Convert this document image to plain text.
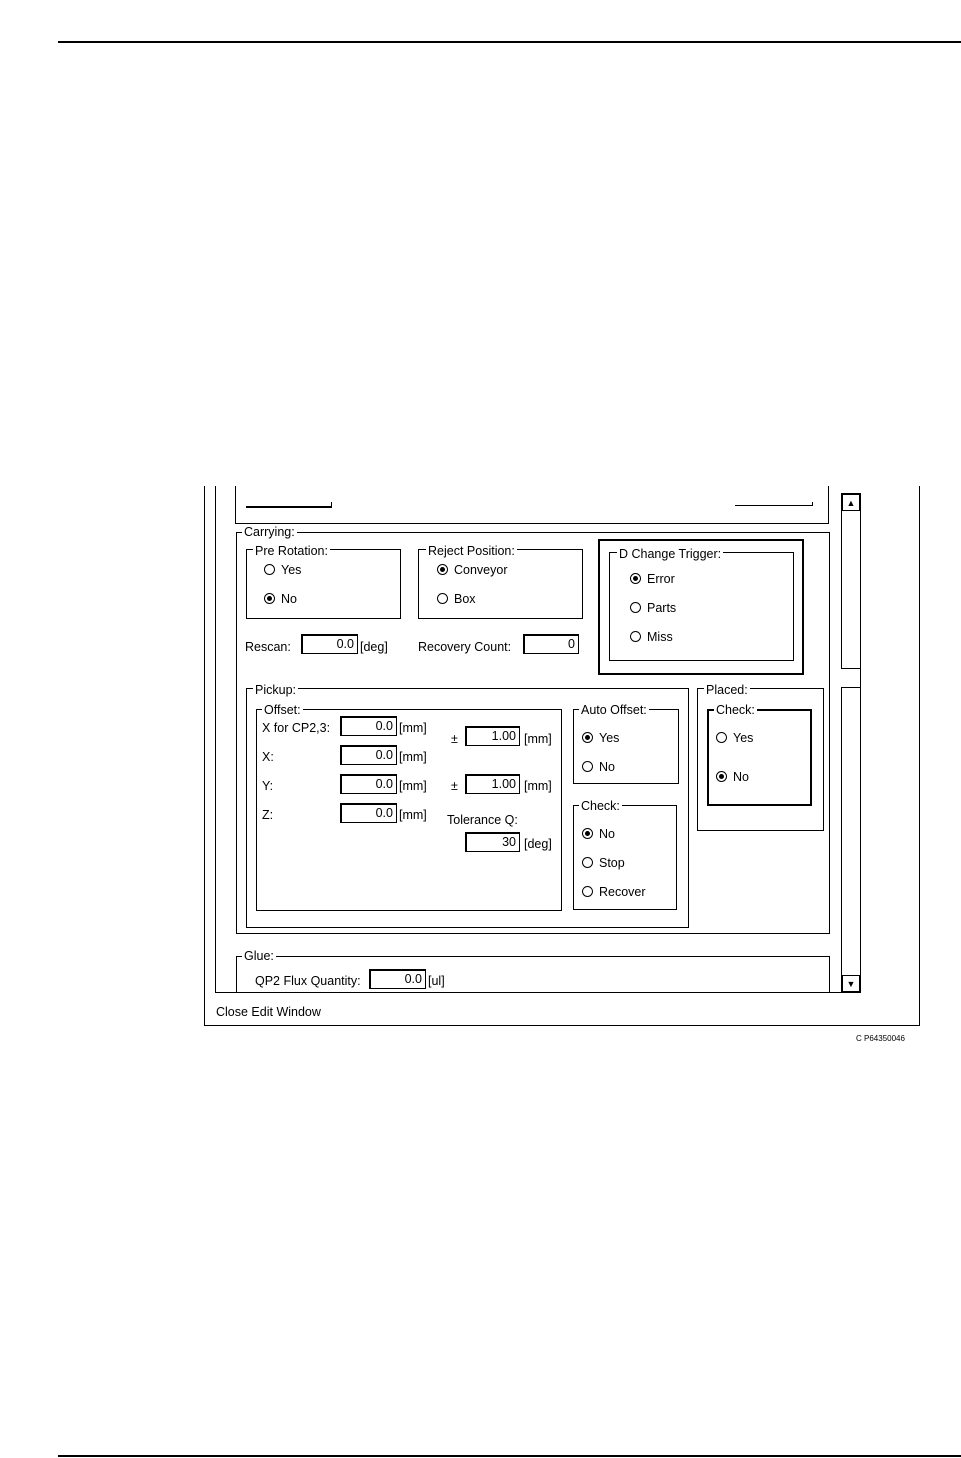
▲
▼
Carrying:
Pre Rotation:
Yes
No
Reject Position:
Conveyor
Box
D Change Trigger:
Error
Parts
Miss
Rescan:	0.0 [deg] Recovery Count:	0
Pickup:
Offset:
X for CP2,3:	0.0 [mm]
X:	0.0 [mm]
Y:	0.0 [mm]
Z:	0.0 [mm]
±	1.00 [mm]
±	1.00 [mm]
Tolerance Q:
30 [deg]
Auto Offset:
Yes
No
Check:
No
Stop
Recover
Placed:
Check:
Yes
No
Glue:
QP2 Flux Quantity:	0.0 [ul]
Close Edit Window
C P64350046
